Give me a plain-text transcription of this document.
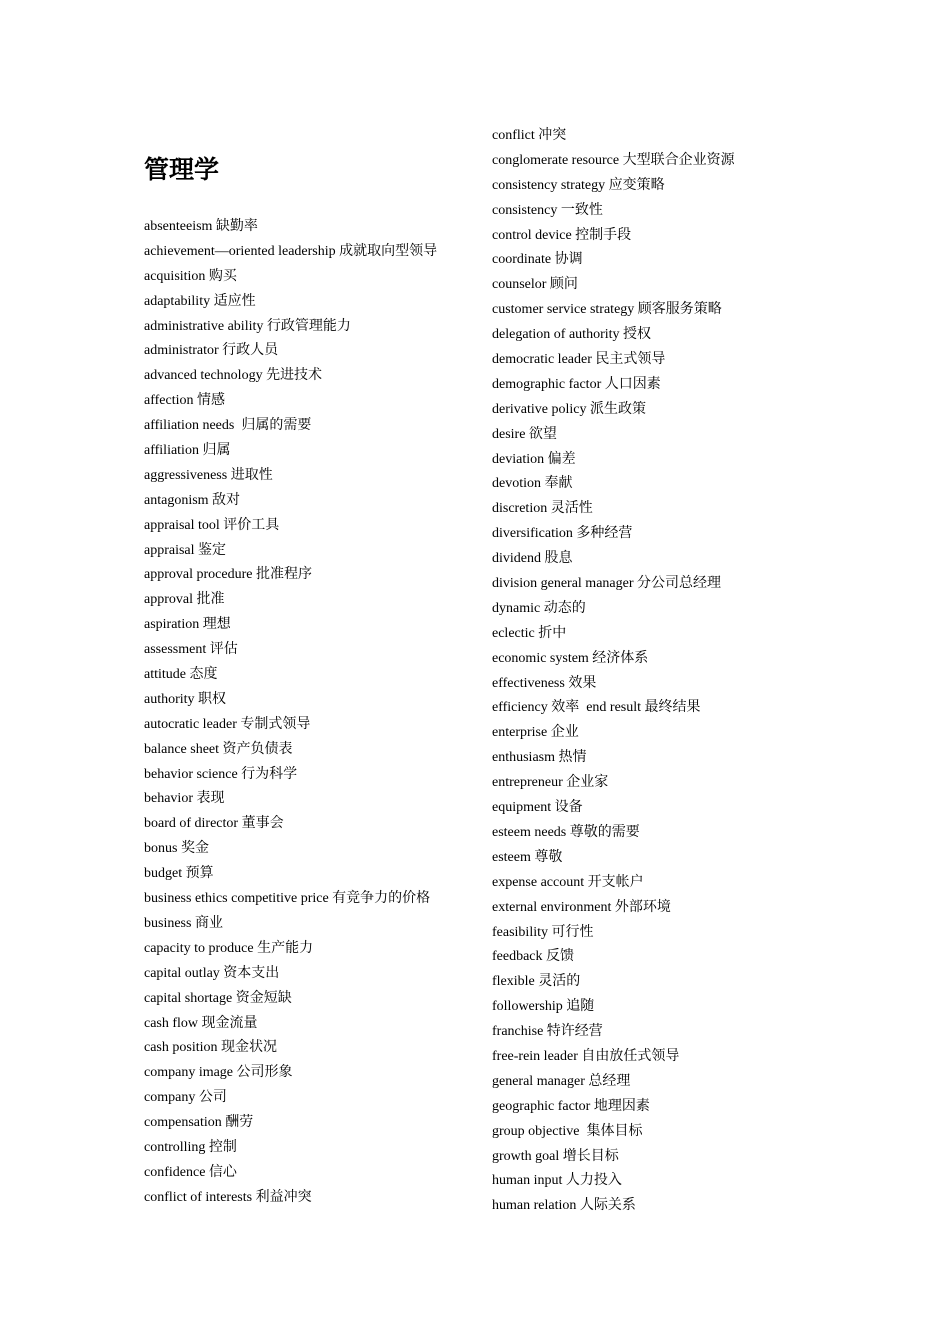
管理学
absenteeism 缺勤率
achievement—oriented leadership 成就取向型领导
acquisition 购买
adaptability 适应性
administrative ability 行政管理能力
administrator 行政人员
advanced technology 先进技术
affection 情感
affiliation needs  归属的需要
affiliation 归属
aggressiveness 进取性
antagonism 敌对
appraisal tool 评价工具
appraisal 鉴定
approval procedure 批准程序
approval 批准
aspiration 理想
assessment 评估
attitude 态度
authority 职权
autocratic leader 专制式领导
balance sheet 资产负债表
behavior science 行为科学
behavior 表现
board of director 董事会
bonus 奖金
budget 预算
business ethics competitive price 有竞争力的价格
business 商业
capacity to produce 生产能力
capital outlay 资本支出
capital shortage 资金短缺
cash flow 现金流量
cash position 现金状况
company image 公司形象
company 公司
compensation 酬劳
controlling 控制
confidence 信心
conflict of interests 利益冲突
conflict 冲突
conglomerate resource 大型联合企业资源
consistency strategy 应变策略
consistency 一致性
control device 控制手段
coordinate 协调
counselor 顾问
customer service strategy 顾客服务策略
delegation of authority 授权
democratic leader 民主式领导
demographic factor 人口因素
derivative policy 派生政策
desire 欲望
deviation 偏差
devotion 奉献
discretion 灵活性
diversification 多种经营
dividend 股息
division general manager 分公司总经理
dynamic 动态的
eclectic 折中
economic system 经济体系
effectiveness 效果
efficiency 效率  end result 最终结果
enterprise 企业
enthusiasm 热情
entrepreneur 企业家
equipment 设备
esteem needs 尊敬的需要
esteem 尊敬
expense account 开支帐户
external environment 外部环境
feasibility 可行性
feedback 反馈
flexible 灵活的
followership 追随
franchise 特许经营
free-rein leader 自由放任式领导
general manager 总经理
geographic factor 地理因素
group objective  集体目标
growth goal 增长目标
human input 人力投入
human relation 人际关系
